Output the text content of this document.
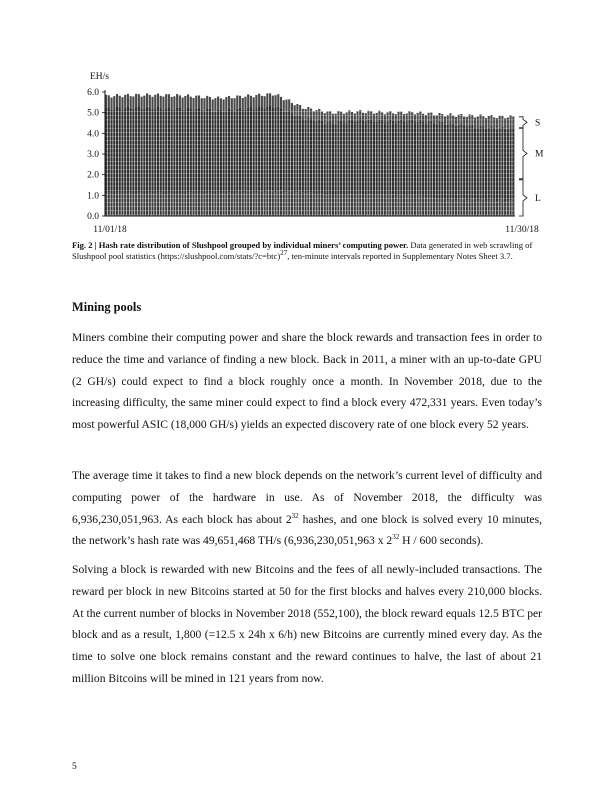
EH/s
6.0
5.0
4.0
3.0
2.0
1.0
0.0
L
M
S
11/01/18	11/30/18
Fig. 2 | Hash rate distribution of Slushpool grouped by individual miners’ computing power. Data generated in web scrawling of Slushpool pool statistics (https://slushpool.com/stats/?c=btc)$^{27}$, ten-minute intervals reported in Supplementary Notes Sheet 3.7.
Mining pools

Miners combine their computing power and share the block rewards and transaction fees in order to reduce the time and variance of finding a new block. Back in 2011, a miner with an up-to-date GPU (2 GH/s) could expect to find a block roughly once a month. In November 2018, due to the increasing difficulty, the same miner could expect to find a block every 472,331 years. Even today’s most powerful ASIC (18,000 GH/s) yields an expected discovery rate of one block every 52 years.

The average time it takes to find a new block depends on the network’s current level of difficulty and computing power of the hardware in use. As of November 2018, the difficulty was 6,936,230,051,963. As each block has about $2^{32}$ hashes, and one block is solved every 10 minutes, the network’s hash rate was 49,651,468 TH/s (6,936,230,051,963 x $2^{32}$ H / 600 seconds).

Solving a block is rewarded with new Bitcoins and the fees of all newly-included transactions. The reward per block in new Bitcoins started at 50 for the first blocks and halves every 210,000 blocks. At the current number of blocks in November 2018 (552,100), the block reward equals 12.5 BTC per block and as a result, 1,800 (=12.5 x 24h x 6/h) new Bitcoins are currently mined every day. As the time to solve one block remains constant and the reward continues to halve, the last of about 21 million Bitcoins will be mined in 121 years from now.

5
